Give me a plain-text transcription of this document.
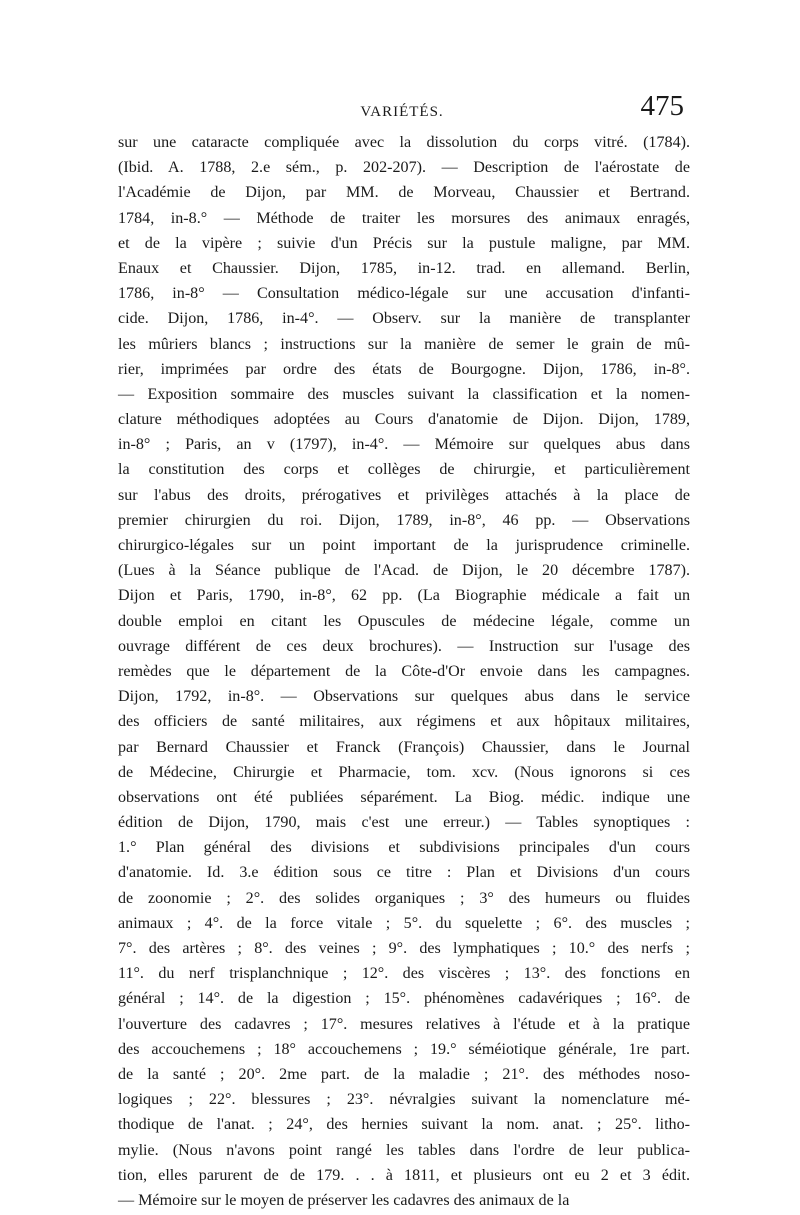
VARIÉTÉS.	475
sur une cataracte compliquée avec la dissolution du corps vitré. (1784).
(Ibid. A. 1788, 2.e sém., p. 202-207). — Description de l'aérostate de
l'Académie de Dijon, par MM. de Morveau, Chaussier et Bertrand.
1784, in-8.° — Méthode de traiter les morsures des animaux enragés,
et de la vipère ; suivie d'un Précis sur la pustule maligne, par MM.
Enaux et Chaussier. Dijon, 1785, in-12. trad. en allemand. Berlin,
1786, in-8° — Consultation médico-légale sur une accusation d'infanti-
cide. Dijon, 1786, in-4°. — Observ. sur la manière de transplanter
les mûriers blancs ; instructions sur la manière de semer le grain de mû-
rier, imprimées par ordre des états de Bourgogne. Dijon, 1786, in-8°.
— Exposition sommaire des muscles suivant la classification et la nomen-
clature méthodiques adoptées au Cours d'anatomie de Dijon. Dijon, 1789,
in-8° ; Paris, an v (1797), in-4°. — Mémoire sur quelques abus dans
la constitution des corps et collèges de chirurgie, et particulièrement
sur l'abus des droits, prérogatives et privilèges attachés à la place de
premier chirurgien du roi. Dijon, 1789, in-8°, 46 pp. — Observations
chirurgico-légales sur un point important de la jurisprudence criminelle.
(Lues à la Séance publique de l'Acad. de Dijon, le 20 décembre 1787).
Dijon et Paris, 1790, in-8°, 62 pp. (La Biographie médicale a fait un
double emploi en citant les Opuscules de médecine légale, comme un
ouvrage différent de ces deux brochures). — Instruction sur l'usage des
remèdes que le département de la Côte-d'Or envoie dans les campagnes.
Dijon, 1792, in-8°. — Observations sur quelques abus dans le service
des officiers de santé militaires, aux régimens et aux hôpitaux militaires,
par Bernard Chaussier et Franck (François) Chaussier, dans le Journal
de Médecine, Chirurgie et Pharmacie, tom. xcv. (Nous ignorons si ces
observations ont été publiées séparément. La Biog. médic. indique une
édition de Dijon, 1790, mais c'est une erreur.) — Tables synoptiques :
1.° Plan général des divisions et subdivisions principales d'un cours
d'anatomie. Id. 3.e édition sous ce titre : Plan et Divisions d'un cours
de zoonomie ; 2°. des solides organiques ; 3° des humeurs ou fluides
animaux ; 4°. de la force vitale ; 5°. du squelette ; 6°. des muscles ;
7°. des artères ; 8°. des veines ; 9°. des lymphatiques ; 10.° des nerfs ;
11°. du nerf trisplanchnique ; 12°. des viscères ; 13°. des fonctions en
général ; 14°. de la digestion ; 15°. phénomènes cadavériques ; 16°. de
l'ouverture des cadavres ; 17°. mesures relatives à l'étude et à la pratique
des accouchemens ; 18° accouchemens ; 19.° séméiotique générale, 1re part.
de la santé ; 20°. 2me part. de la maladie ; 21°. des méthodes noso-
logiques ; 22°. blessures ; 23°. névralgies suivant la nomenclature mé-
thodique de l'anat. ; 24°, des hernies suivant la nom. anat. ; 25°. litho-
mylie. (Nous n'avons point rangé les tables dans l'ordre de leur publica-
tion, elles parurent de de 179. . . à 1811, et plusieurs ont eu 2 et 3 édit.
— Mémoire sur le moyen de préserver les cadavres des animaux de la
